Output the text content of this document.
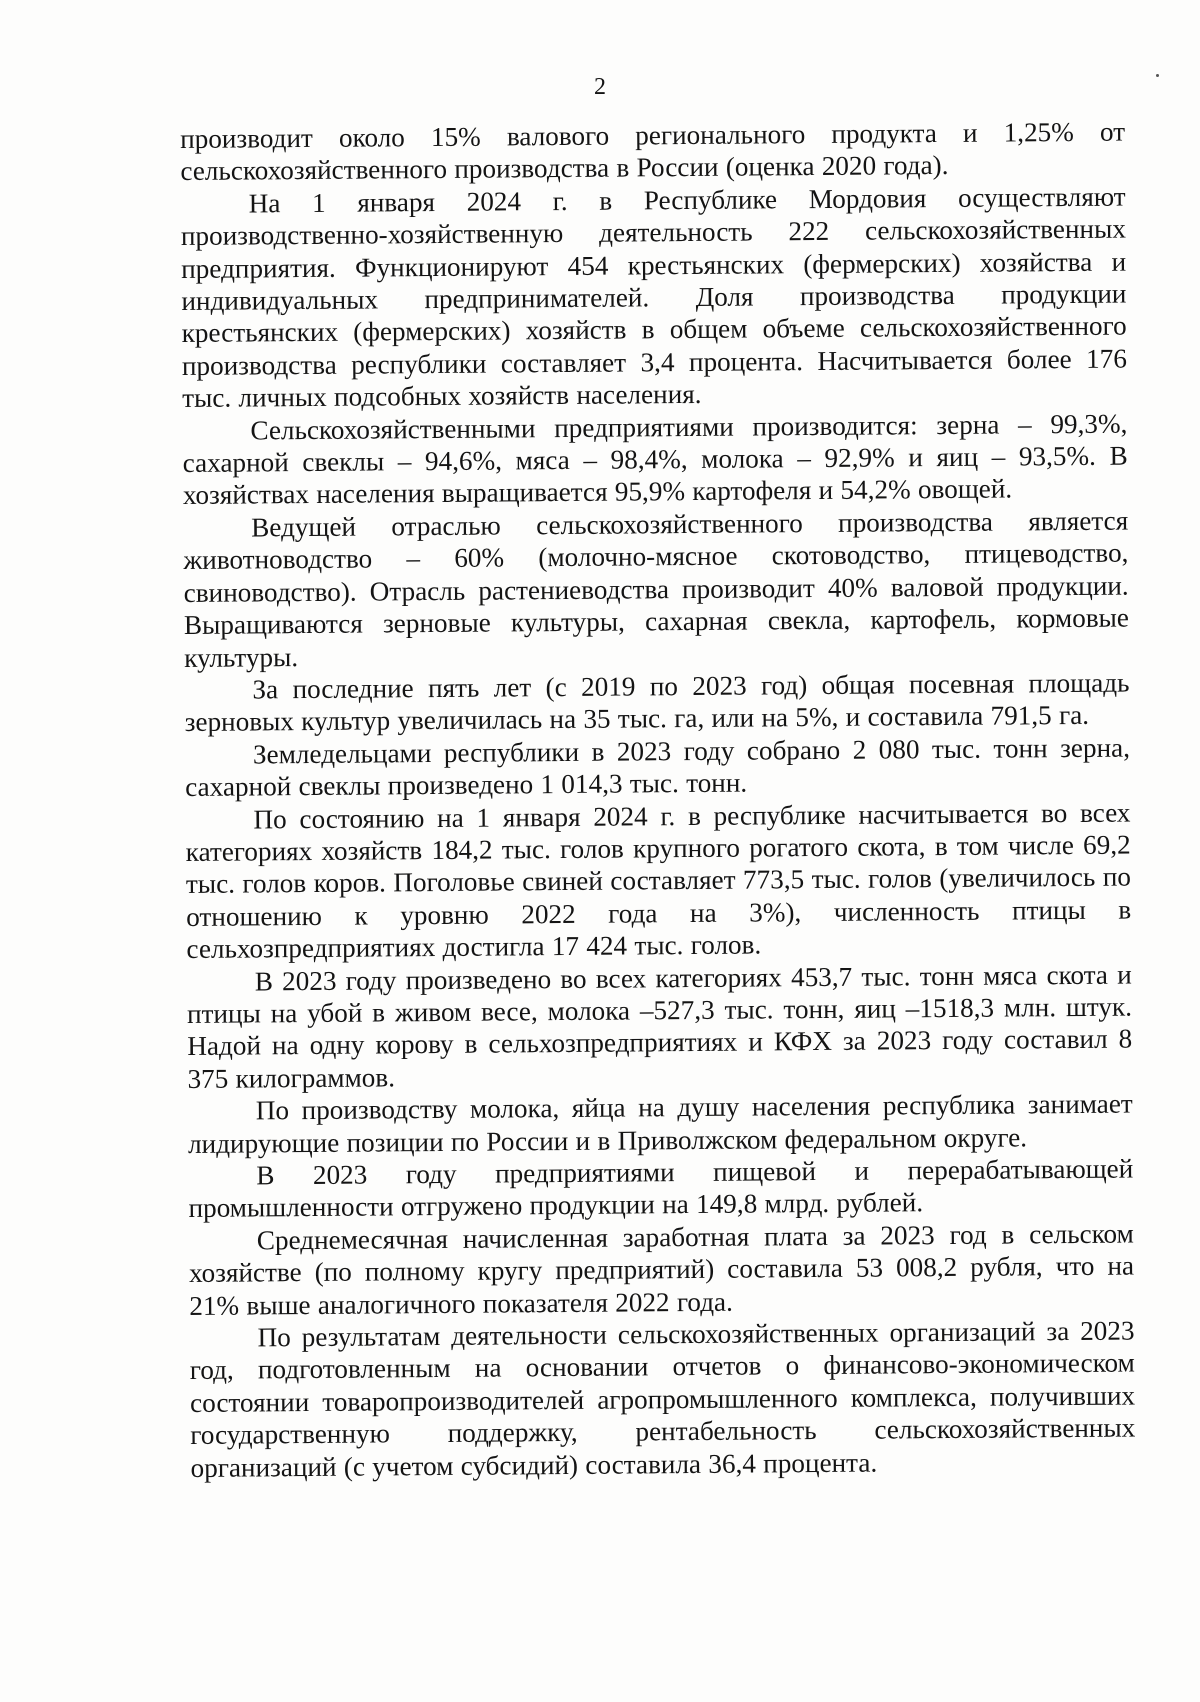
2

производит около 15% валового регионального продукта и 1,25% от сельскохозяйственного производства в России (оценка 2020 года).

На 1 января 2024 г. в Республике Мордовия осуществляют производственно-хозяйственную деятельность 222 сельскохозяйственных предприятия. Функционируют 454 крестьянских (фермерских) хозяйства и индивидуальных предпринимателей. Доля производства продукции крестьянских (фермерских) хозяйств в общем объеме сельскохозяйственного производства республики составляет 3,4 процента. Насчитывается более 176 тыс. личных подсобных хозяйств населения.

Сельскохозяйственными предприятиями производится: зерна – 99,3%, сахарной свеклы – 94,6%, мяса – 98,4%, молока – 92,9% и яиц – 93,5%. В хозяйствах населения выращивается 95,9% картофеля и 54,2% овощей.

Ведущей отраслью сельскохозяйственного производства является животноводство – 60% (молочно-мясное скотоводство, птицеводство, свиноводство). Отрасль растениеводства производит 40% валовой продукции. Выращиваются зерновые культуры, сахарная свекла, картофель, кормовые культуры.

За последние пять лет (с 2019 по 2023 год) общая посевная площадь зерновых культур увеличилась на 35 тыс. га, или на 5%, и составила 791,5 га.

Земледельцами республики в 2023 году собрано 2 080 тыс. тонн зерна, сахарной свеклы произведено 1 014,3 тыс. тонн.

По состоянию на 1 января 2024 г. в республике насчитывается во всех категориях хозяйств 184,2 тыс. голов крупного рогатого скота, в том числе 69,2 тыс. голов коров. Поголовье свиней составляет 773,5 тыс. голов (увеличилось по отношению к уровню 2022 года на 3%), численность птицы в сельхозпредприятиях достигла 17 424 тыс. голов.

В 2023 году произведено во всех категориях 453,7 тыс. тонн мяса скота и птицы на убой в живом весе, молока –527,3 тыс. тонн, яиц –1518,3 млн. штук. Надой на одну корову в сельхозпредприятиях и КФХ за 2023 году составил 8 375 килограммов.

По производству молока, яйца на душу населения республика занимает лидирующие позиции по России и в Приволжском федеральном округе.

В 2023 году предприятиями пищевой и перерабатывающей промышленности отгружено продукции на 149,8 млрд. рублей.

Среднемесячная начисленная заработная плата за 2023 год в сельском хозяйстве (по полному кругу предприятий) составила 53 008,2 рубля, что на 21% выше аналогичного показателя 2022 года.

По результатам деятельности сельскохозяйственных организаций за 2023 год, подготовленным на основании отчетов о финансово-экономическом состоянии товаропроизводителей агропромышленного комплекса, получивших государственную поддержку, рентабельность сельскохозяйственных организаций (с учетом субсидий) составила 36,4 процента.
